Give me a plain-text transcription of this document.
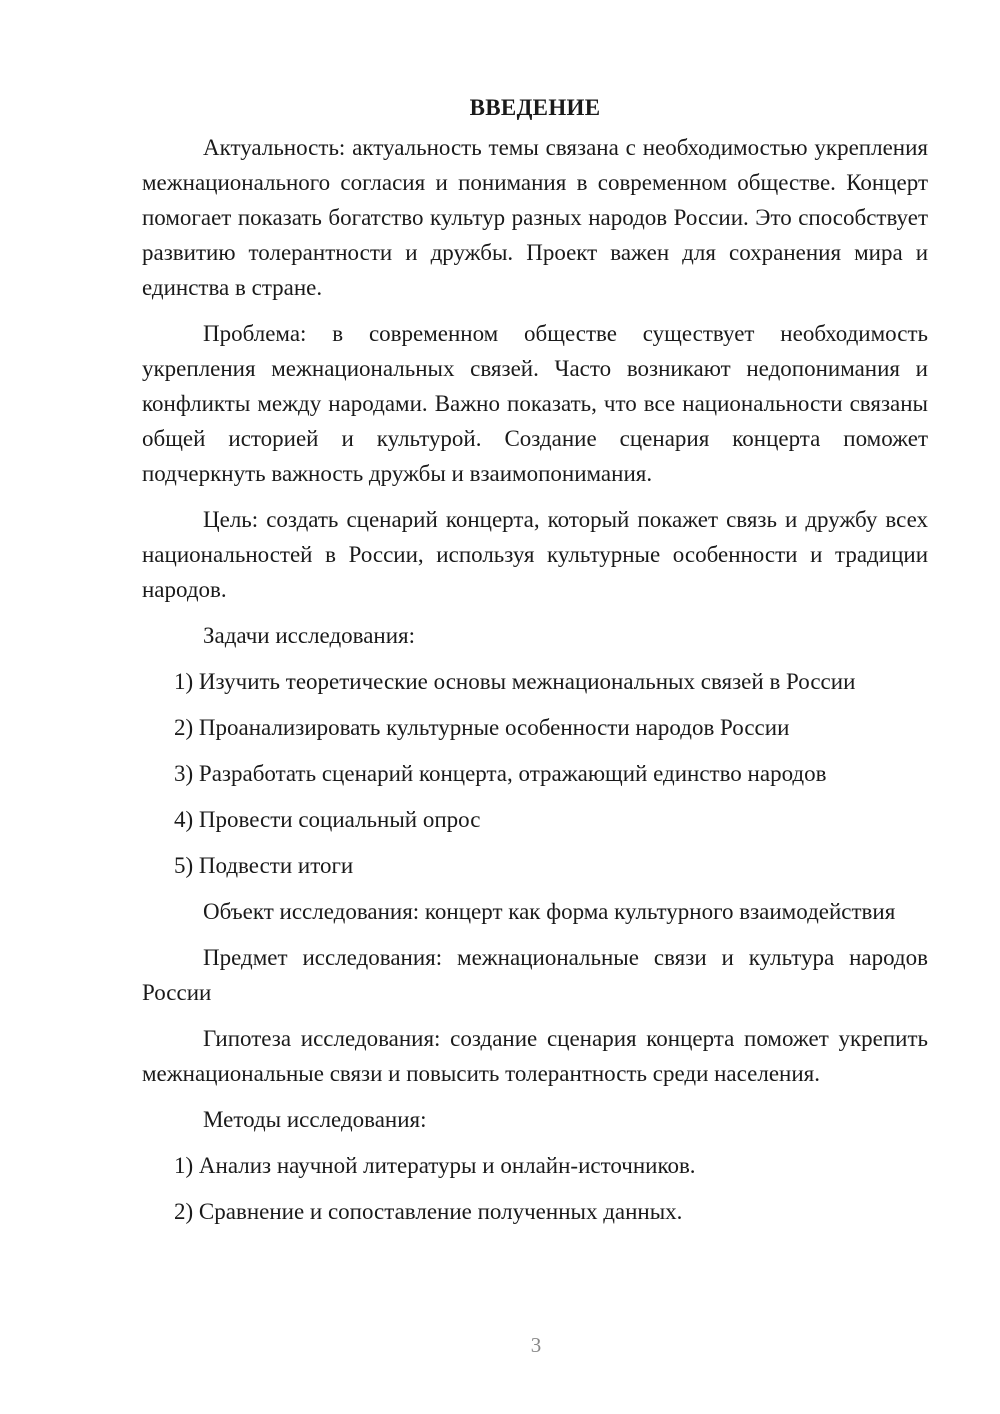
ВВЕДЕНИЕ

Актуальность: актуальность темы связана с необходимостью укрепления межнационального согласия и понимания в современном обществе. Концерт помогает показать богатство культур разных народов России. Это способствует развитию толерантности и дружбы. Проект важен для сохранения мира и единства в стране.

Проблема: в современном обществе существует необходимость укрепления межнациональных связей. Часто возникают недопонимания и конфликты между народами. Важно показать, что все национальности связаны общей историей и культурой. Создание сценария концерта поможет подчеркнуть важность дружбы и взаимопонимания.

Цель: создать сценарий концерта, который покажет связь и дружбу всех национальностей в России, используя культурные особенности и традиции народов.

Задачи исследования:
1) Изучить теоретические основы межнациональных связей в России
2) Проанализировать культурные особенности народов России
3) Разработать сценарий концерта, отражающий единство народов
4) Провести социальный опрос
5) Подвести итоги

Объект исследования: концерт как форма культурного взаимодействия

Предмет исследования: межнациональные связи и культура народов России

Гипотеза исследования: создание сценария концерта поможет укрепить межнациональные связи и повысить толерантность среди населения.

Методы исследования:
1) Анализ научной литературы и онлайн-источников.
2) Сравнение и сопоставление полученных данных.
3
